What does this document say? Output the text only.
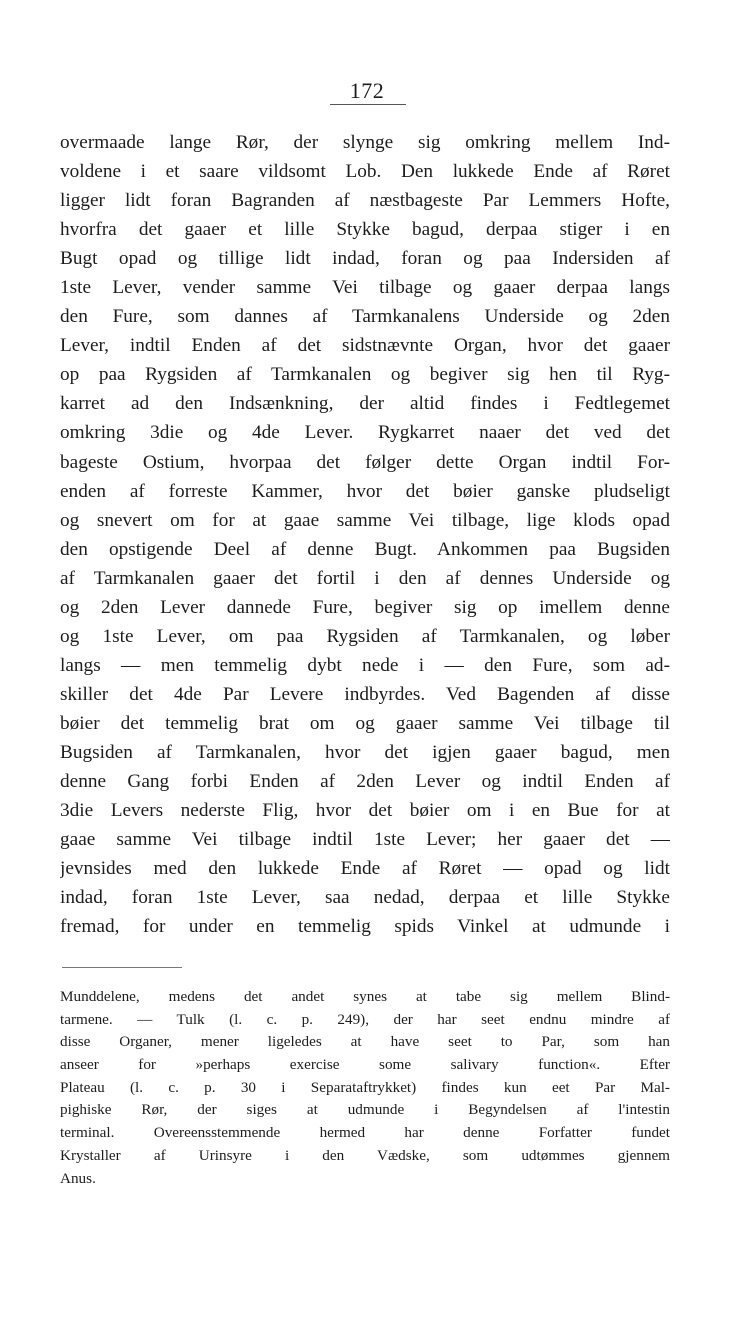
172
overmaade lange Rør, der slynge sig omkring mellem Ind-
voldene i et saare vildsomt Lob. Den lukkede Ende af Røret
ligger lidt foran Bagranden af næstbageste Par Lemmers Hofte,
hvorfra det gaaer et lille Stykke bagud, derpaa stiger i en
Bugt opad og tillige lidt indad, foran og paa Indersiden af
1ste Lever, vender samme Vei tilbage og gaaer derpaa langs
den Fure, som dannes af Tarmkanalens Underside og 2den
Lever, indtil Enden af det sidstnævnte Organ, hvor det gaaer
op paa Rygsiden af Tarmkanalen og begiver sig hen til Ryg-
karret ad den Indsænkning, der altid findes i Fedtlegemet
omkring 3die og 4de Lever. Rygkarret naaer det ved det
bageste Ostium, hvorpaa det følger dette Organ indtil For-
enden af forreste Kammer, hvor det bøier ganske pludseligt
og snevert om for at gaae samme Vei tilbage, lige klods opad
den opstigende Deel af denne Bugt. Ankommen paa Bugsiden
af Tarmkanalen gaaer det fortil i den af dennes Underside og
og 2den Lever dannede Fure, begiver sig op imellem denne
og 1ste Lever, om paa Rygsiden af Tarmkanalen, og løber
langs — men temmelig dybt nede i — den Fure, som ad-
skiller det 4de Par Levere indbyrdes. Ved Bagenden af disse
bøier det temmelig brat om og gaaer samme Vei tilbage til
Bugsiden af Tarmkanalen, hvor det igjen gaaer bagud, men
denne Gang forbi Enden af 2den Lever og indtil Enden af
3die Levers nederste Flig, hvor det bøier om i en Bue for at
gaae samme Vei tilbage indtil 1ste Lever; her gaaer det —
jevnsides med den lukkede Ende af Røret — opad og lidt
indad, foran 1ste Lever, saa nedad, derpaa et lille Stykke
fremad, for under en temmelig spids Vinkel at udmunde i
Munddelene, medens det andet synes at tabe sig mellem Blind-
tarmene. — Tulk (l. c. p. 249), der har seet endnu mindre af
disse Organer, mener ligeledes at have seet to Par, som han
anseer for »perhaps exercise some salivary function«. Efter
Plateau (l. c. p. 30 i Separataftrykket) findes kun eet Par Mal-
pighiske Rør, der siges at udmunde i Begyndelsen af l'intestin
terminal. Overeensstemmende hermed har denne Forfatter fundet
Krystaller af Urinsyre i den Vædske, som udtømmes gjennem
Anus.
